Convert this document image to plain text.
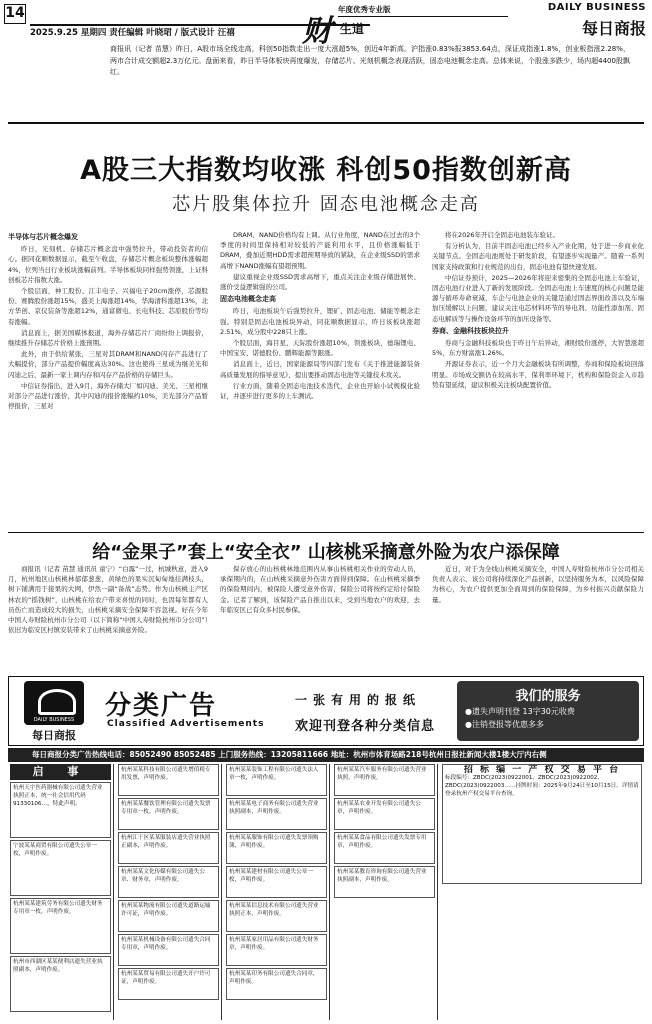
14
2025.9.25 星期四 责任编辑 叶晓珺 / 版式设计 汪禧 财
年度优秀专业版
生道
DAILY BUSINESS
每日商报
商报讯（记者 苗慧）昨日，A股市场全线走高，科创50指数走出一度大涨超5%，创近4年新高。沪指涨0.83%报3853.64点，深证成指涨1.8%，创业板指涨2.28%，两市合计成交额超2.3万亿元。盘面来看，昨日半导体板块再度爆发，存储芯片、光刻机概念表现活跃，固态电池概念走高。总体来说，个股涨多跌少，场内超4400股飘红。
A股三大指数均收涨 科创50指数创新高
芯片股集体拉升 固态电池概念走高
半导体与芯片概念爆发

昨日，光刻机、存储芯片概念盘中强势拉升，带动投资者的信心。据同花顺数据显示，截至午收盘，存储芯片概念板块整体涨幅超4%，位列当日行业板块涨幅前列。半导体板块同样强势领涨，上证科创板芯片指数大涨。

个股层面，神工股份、江丰电子、兴福电子20cm涨停，芯源股份、赛腾股份涨超15%，盛美上海涨超14%，华海清科涨超13%，北方华创、京仪装备等涨超12%，通富微电、长电科技、芯原股份等均有涨幅。

消息面上，据美国媒体报道，海外存储芯片厂商纷纷上调报价，继续推升存储芯片价格上涨预期。

此外，由于供给紧张，三星对其DRAM和NAND闪存产品进行了大幅提价，部分产品提价幅度高达30%。这也使得三星成为继美光和闪迪之后，最新一家上调内存和闪存产品价格的存储巨头。

中信证券指出，进入9月，海外存储大厂如闪迪、美光、三星相继对部分产品进行涨价，其中闪迪的报价涨幅约10%，美光部分产品暂停报价，三星对

DRAM、NAND价格均有上调。从行业角度，NAND在过去的3个季度的时间里保持相对较低的产能利用水平，且价格涨幅低于DRAM，叠加近期HDD需求超预期导致的紧缺，在企业级SSD的需求高增下NAND涨幅有望超预期。

建议重视企业级SSD需求高增下，重点关注企业级存储进展快、涨价受益逻辑强的公司。

固态电池概念走高

昨日，电池板块午后强势拉升，锂矿、固态电池、储能等概念走强。特别是固态电池板块异动，同花顺数据显示，昨日该板块涨超2.51%，成分股中228只上涨。

个股层面，海目星、天际股份涨超10%，领涨板块，德瑞锂电、中国宝安、诺德股份、鹏辉能源等跟涨。

消息面上，近日，国家能源局等四部门发布《关于推进能源装备高质量发展的指导意见》，提出要推动固态电池等关键技术攻关。

行业方面，随着全固态电池技术迭代，企业也开始小试规模化验证，并逐步进行更多的上车测试。

将在2026年开启全固态电池装车验证。

有分析认为，目前半固态电池已经步入产业化期，处于进一步商业化关键节点。全固态电池则处于研发阶段，有望逐步实现量产。随着一系列国家支持政策和行业规范的出台，固态电池有望快速发展。

中信证券预计，2025—2026年将迎来密集的全固态电池上车验证，固态电池行业进入了新的发展阶段。全固态电池上车速度的核心问题是能源与循环寿命衰减，车企与电池企业的关键是通过固态界面改善以及车端加压缓解以上问题，建议关注电芯材料环节的导电剂、功能性添加剂、固态电解质等与操作设备环节的加压设备等。

券商、金融科技板块拉升

券商与金融科技板块也于昨日午后异动，湘财股份涨停，大智慧涨超5%，东方财富涨1.26%。

开源证券表示，近一个月大金融板块有所调整，券商和保险板块回落明显。市场成交额仍在较高水平，保利率环境下，机构和保险资金入市趋势有望延续，建议积极关注板块配置价值。

给“金果子”套上“安全衣” 山核桃采摘意外险为农户添保障

商报讯（记者 苗慧 通讯员 童宁）“白露”一过，杭城秋意，进入9月，杭州地区山核桃林郁郁葱葱，黄绿色的果实沉甸甸地挂满枝头，树下铺满用于接果的大网，伊然一副“备战”态势。作为山核桃主产区林农的“摇钱树”，山核桃在给农户带来喜悦的同时，也因每年都有人员伤亡而造成较大的损失，山核桃采摘安全保障不容忽视。好在今年中国人寿财险杭州市分公司（以下简称“中国人寿财险杭州市分公司”）依旧为临安区村镇安装带来了山核桃采摘意外险。

保存放心的山核桃林地范围内从事山核桃相关作业的劳动人员，承保期内的，在山核桃采摘意外伤害方面得到保障。在山核桃采摘季的保险期间内，被保险人遭受意外伤害，保险公司将按约定给付保险金。记者了解到，该保险产品自推出以来，受到当地农户的欢迎，去年临安区已有众多村民参保。

近日，对于为全线山核桃采摘安全，中国人寿财险杭州市分公司相关负责人表示，该公司将持续深化产品创新，以坚持服务为本，以风险保障为核心，为农户提供更加全面周到的保险保障，为乡村振兴贡献保险力量。

DAILY BUSINESS
每日商报
分类广告
Classified Advertisements
一张有用的报纸
欢迎刊登各种分类信息
我们的服务
●遗失声明刊登 13字30元收费
●注销登报等优惠多多
每日商报分类广告热线电话：85052490 85052485 上门服务热线：13205811666 地址：杭州市体育场路218号杭州日报社新闻大楼1楼大厅内右侧
启 事
杭州天宇医药器械有限公司遗失营业执照正本，统一社会信用代码91330106…，特此声明。
宁波某某商贸有限公司遗失公章一枚，声明作废。
杭州某某建筑劳务有限公司遗失财务专用章一枚，声明作废。
杭州市西湖区某某便利店遗失营业执照副本，声明作废。
杭州某某科技有限公司遗失增值税专用发票，声明作废。
杭州某某餐饮管理有限公司遗失发票专用章一枚，声明作废。
杭州江干区某某服装店遗失营业执照正副本，声明作废。
杭州某某文化传媒有限公司遗失公章、财务章，声明作废。
杭州某某物流有限公司遗失道路运输许可证，声明作废。
杭州某某机械设备有限公司遗失合同专用章，声明作废。
杭州某某贸易有限公司遗失开户许可证，声明作废。
杭州某某装饰工程有限公司遗失法人章一枚，声明作废。
杭州某某电子商务有限公司遗失营业执照副本，声明作废。
杭州某某服饰有限公司遗失发票领购簿，声明作废。
杭州某某建材有限公司遗失公章一枚，声明作废。
杭州某某信息技术有限公司遗失营业执照正本，声明作废。
杭州某某家居用品有限公司遗失财务章，声明作废。
杭州某某印务有限公司遗失合同章，声明作废。
杭州某某汽车服务有限公司遗失营业执照，声明作废。
杭州某某农业开发有限公司遗失公章，声明作废。
杭州某某食品有限公司遗失发票专用章，声明作废。
杭州某某教育咨询有限公司遗失营业执照副本，声明作废。
招 标 编 一 产 权 交 易 平 台
标段编号：ZBDC(2023)0922001、ZBDC(2023)0922002、ZBDC(2023)0922003……挂牌时间：2025年9月24日至10月15日。详情请登录杭州产权交易平台查询。
